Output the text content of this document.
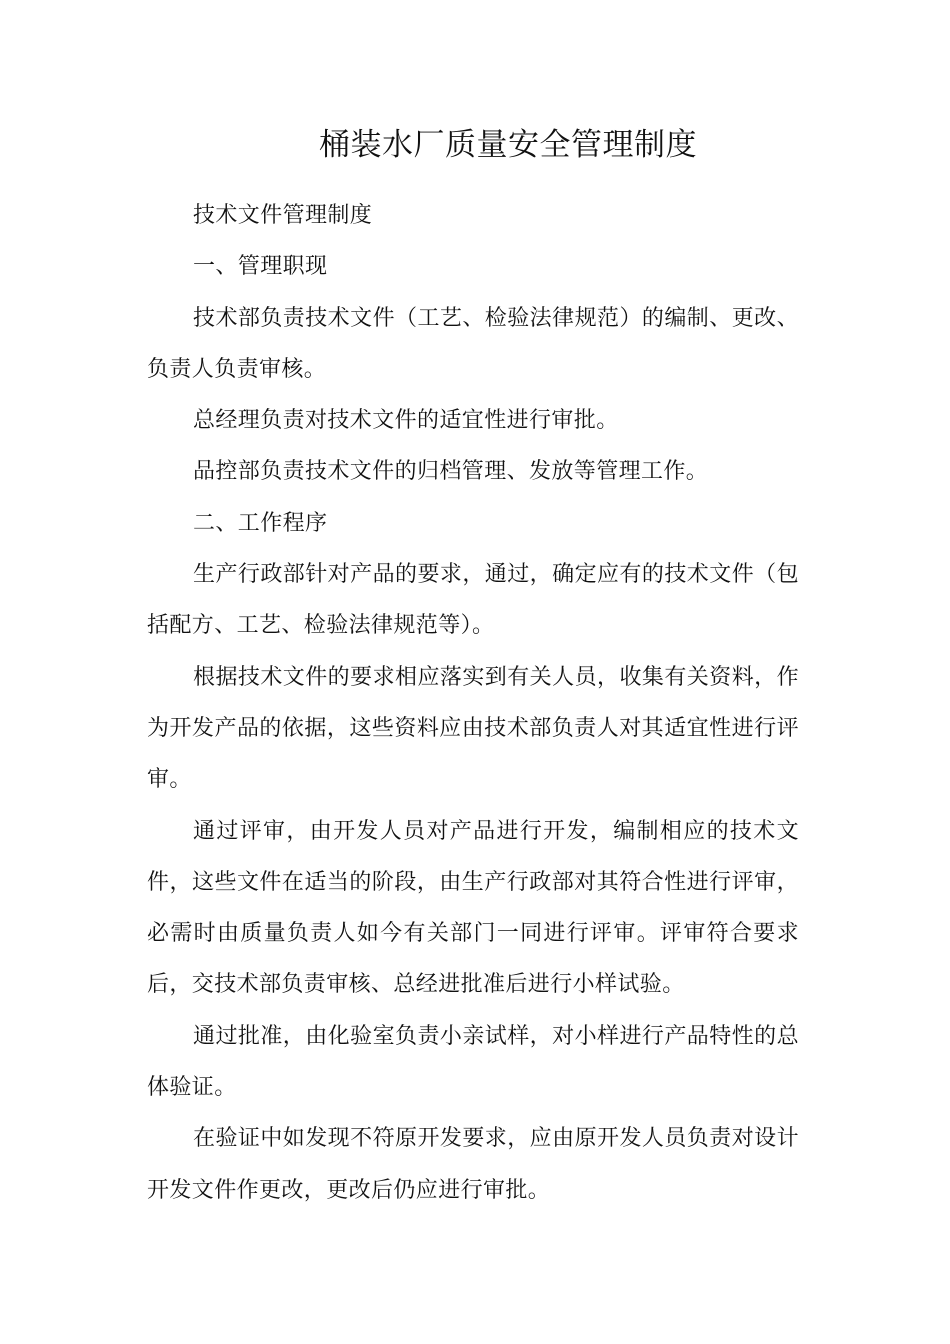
桶装水厂质量安全管理制度

技术文件管理制度

一、管理职现

技术部负责技术文件（工艺、检验法律规范）的编制、更改、负责人负责审核。

总经理负责对技术文件的适宜性进行审批。

品控部负责技术文件的归档管理、发放等管理工作。

二、工作程序

生产行政部针对产品的要求，通过，确定应有的技术文件（包括配方、工艺、检验法律规范等）。

根据技术文件的要求相应落实到有关人员，收集有关资料，作为开发产品的依据，这些资料应由技术部负责人对其适宜性进行评审。

通过评审，由开发人员对产品进行开发，编制相应的技术文件，这些文件在适当的阶段，由生产行政部对其符合性进行评审，必需时由质量负责人如今有关部门一同进行评审。评审符合要求后，交技术部负责审核、总经进批准后进行小样试验。

通过批准，由化验室负责小亲试样，对小样进行产品特性的总体验证。

在验证中如发现不符原开发要求，应由原开发人员负责对设计开发文件作更改，更改后仍应进行审批。
